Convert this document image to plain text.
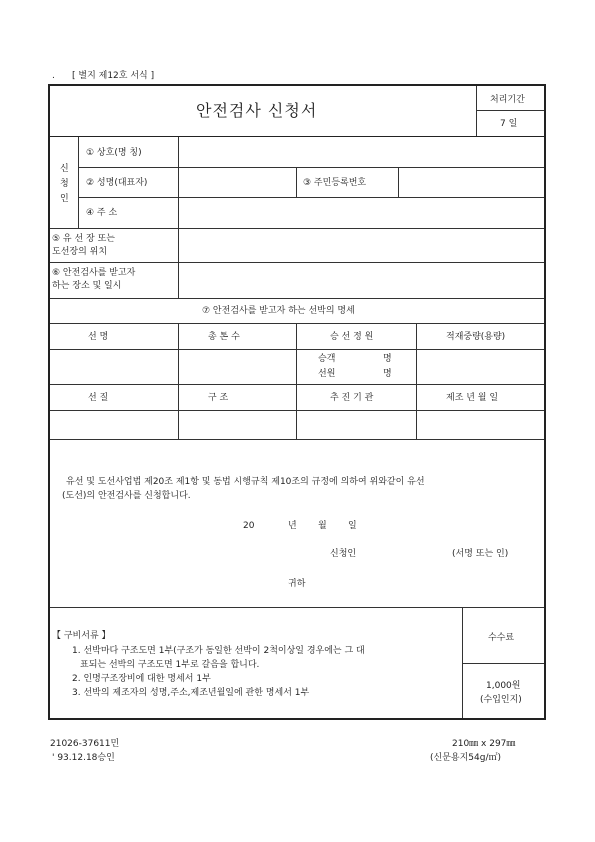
. [ 별지 제12호 서식 ]
안전검사 신청서
처리기간
7 일
신
청
인
① 상호(명 칭)
② 성명(대표자)	③ 주민등록번호
④ 주 소
⑤ 유 선 장 또는
도선장의 위치
⑥ 안전검사를 받고자
하는 장소 및 일시
⑦ 안전검사를 받고자 하는 선박의 명세
선 명	총 톤 수	승 선 정 원	적재중량(용량)
승객	명
선원	명
선 질	구 조	추 진 기 관	제조 년 월 일
유선 및 도선사업법 제20조 제1항 및 동법 시행규칙 제10조의 규정에 의하여 위와같이 유선
(도선)의 안전검사를 신청합니다.
20	년 월 일
신청인	(서명 또는 인)
귀하
【 구비서류 】
1. 선박마다 구조도면 1부(구조가 동일한 선박이 2척이상일 경우에는 그 대
표되는 선박의 구조도면 1부로 갈음을 합니다.
2. 인명구조장비에 대한 명세서 1부
3. 선박의 제조자의 성명,주소,제조년월일에 관한 명세서 1부
수수료
1,000원
(수입인지)
21026-37611민
' 93.12.18승인
210㎜ x 297㎜
(신문용지54g/㎡)
